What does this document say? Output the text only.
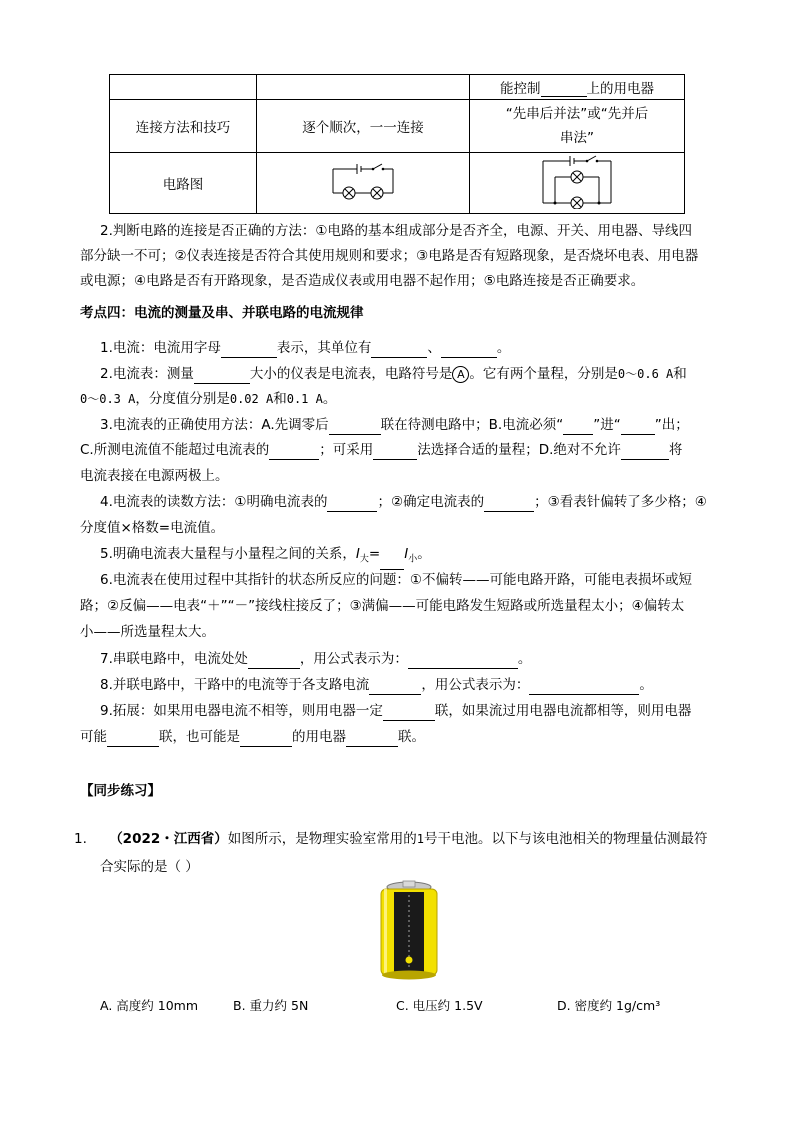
		能控制 上的用电器
连接方法和技巧	逐个顺次，一一连接	“先串后并法”或“先并后
串法”

电路图		
2.判断电路的连接是否正确的方法：①电路的基本组成部分是否齐全，电源、开关、用电器、导线四
部分缺一不可；②仪表连接是否符合其使用规则和要求；③电路是否有短路现象，是否烧坏电表、用电器
或电源；④电路是否有开路现象，是否造成仪表或用电器不起作用；⑤电路连接是否正确要求。
考点四：电流的测量及串、并联电路的电流规律
1.电流：电流用字母	表示，其单位有	、	。
2.电流表：测量	大小的仪表是电流表，电路符号是 A 。它有两个量程，分别是0～0.6 A和
0～0.3 A，分度值分别是0.02 A和0.1 A。
3.电流表的正确使用方法：A.先调零后	联在待测电路中；B.电流必须“ ”进“	”出；
C.所测电流值不能超过电流表的	；可采用	法选择合适的量程；D.绝对不允许	将
电流表接在电源两极上。
4.电流表的读数方法：①明确电流表的	；②确定电流表的	；③看表针偏转了多少格；④
分度值×格数=电流值。
5.明确电流表大量程与小量程之间的关系，$I_大= I_小$。
6.电流表在使用过程中其指针的状态所反应的问题：①不偏转——可能电路开路，可能电表损坏或短
路；②反偏——电表“＋”“－”接线柱接反了；③满偏——可能电路发生短路或所选量程太小；④偏转太
小——所选量程太大。
7.串联电路中，电流处处	，用公式表示为：	。
8.并联电路中，干路中的电流等于各支路电流	，用公式表示为：	。
9.拓展：如果用电器电流不相等，则用电器一定	联，如果流过用电器电流都相等，则用电器
可能	联，也可能是	的用电器	联。
【同步练习】
1. （2022・江西省）如图所示，是物理实验室常用的1号干电池。以下与该电池相关的物理量估测最符
合实际的是（ ）
A. 高度约 10mm	B. 重力约 5N	C. 电压约 1.5V	D. 密度约 1g/cm³
